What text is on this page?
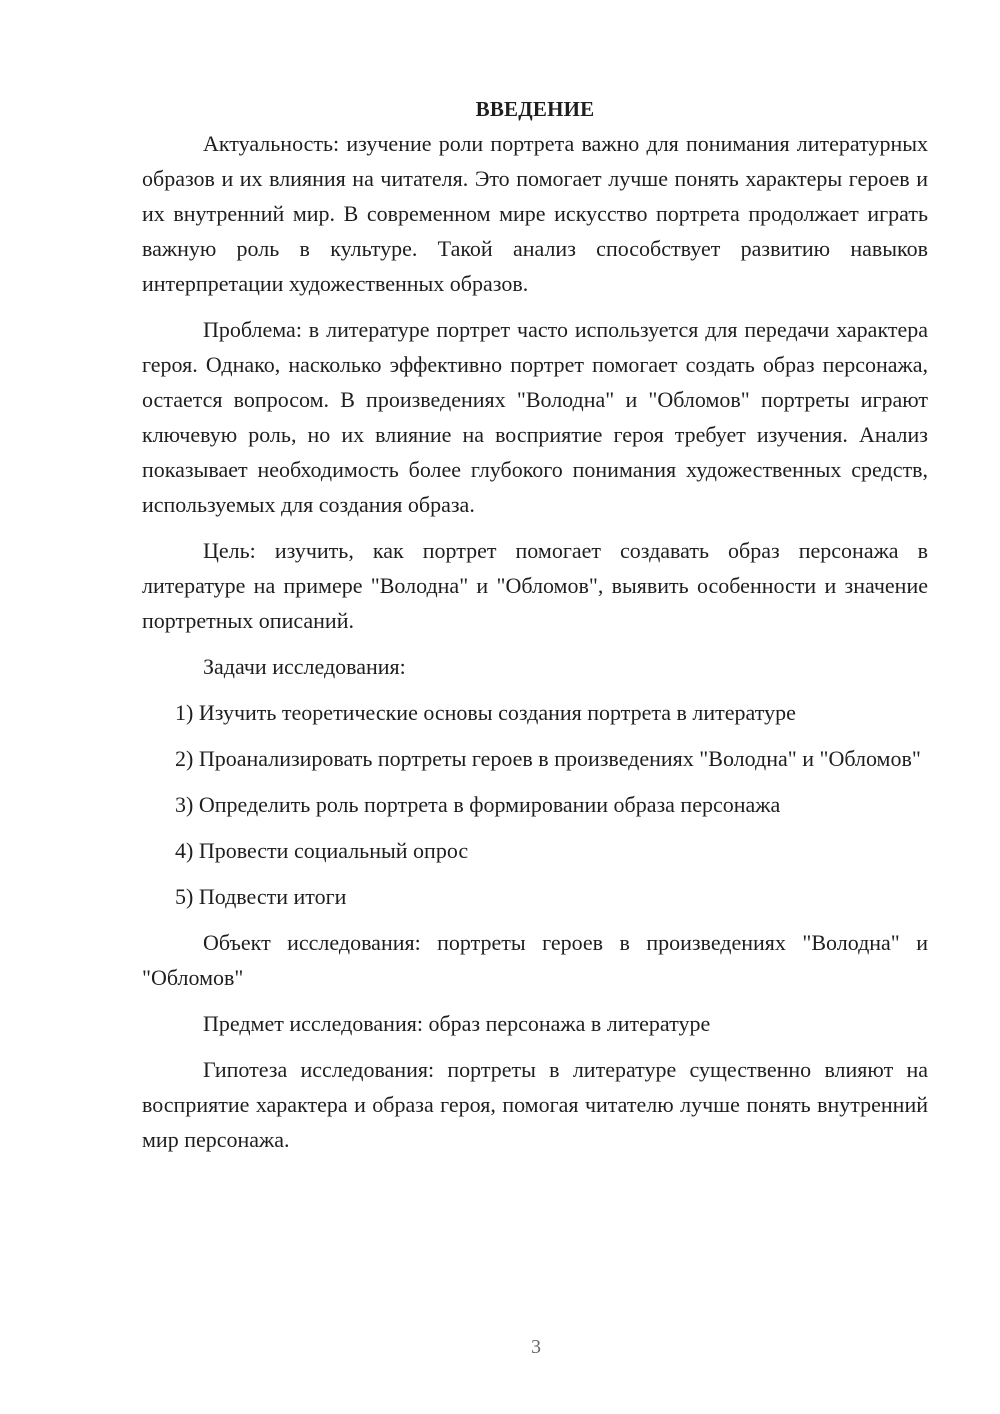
ВВЕДЕНИЕ

Актуальность: изучение роли портрета важно для понимания литературных образов и их влияния на читателя. Это помогает лучше понять характеры героев и их внутренний мир. В современном мире искусство портрета продолжает играть важную роль в культуре. Такой анализ способствует развитию навыков интерпретации художественных образов.

Проблема: в литературе портрет часто используется для передачи характера героя. Однако, насколько эффективно портрет помогает создать образ персонажа, остается вопросом. В произведениях "Володна" и "Обломов" портреты играют ключевую роль, но их влияние на восприятие героя требует изучения. Анализ показывает необходимость более глубокого понимания художественных средств, используемых для создания образа.

Цель: изучить, как портрет помогает создавать образ персонажа в литературе на примере "Володна" и "Обломов", выявить особенности и значение портретных описаний.

Задачи исследования:

1) Изучить теоретические основы создания портрета в литературе

2) Проанализировать портреты героев в произведениях "Володна" и "Обломов"

3) Определить роль портрета в формировании образа персонажа

4) Провести социальный опрос

5) Подвести итоги

Объект исследования: портреты героев в произведениях "Володна" и "Обломов"

Предмет исследования: образ персонажа в литературе

Гипотеза исследования: портреты в литературе существенно влияют на восприятие характера и образа героя, помогая читателю лучше понять внутренний мир персонажа.

3
